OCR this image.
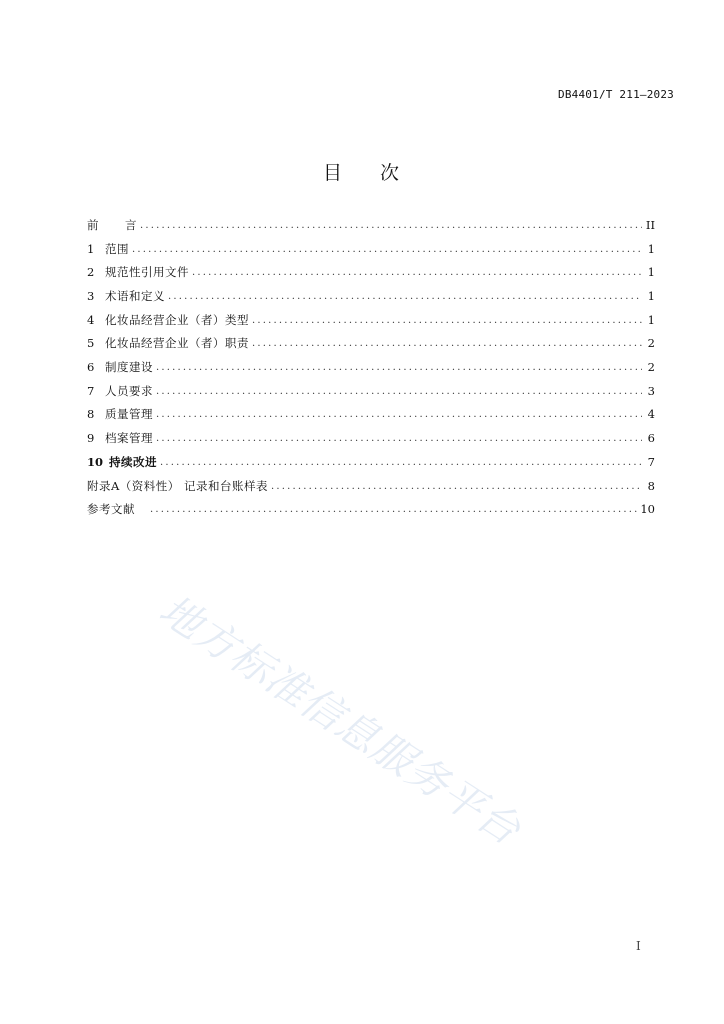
DB4401/T 211—2023
目 次
前 言 .....	II
1 范围 .....	1
2 规范性引用文件 .....	1
3 术语和定义 .....	1
4 化妆品经营企业（者）类型 .....	1
5 化妆品经营企业（者）职责 .....	2
6 制度建设 .....	2
7 人员要求 .....	3
8 质量管理 .....	4
9 档案管理 .....	6
10 持续改进 .....	7
附录A（资料性） 记录和台账样表 .....	8
参考文献 .....	10
地方标准信息服务平台
I
